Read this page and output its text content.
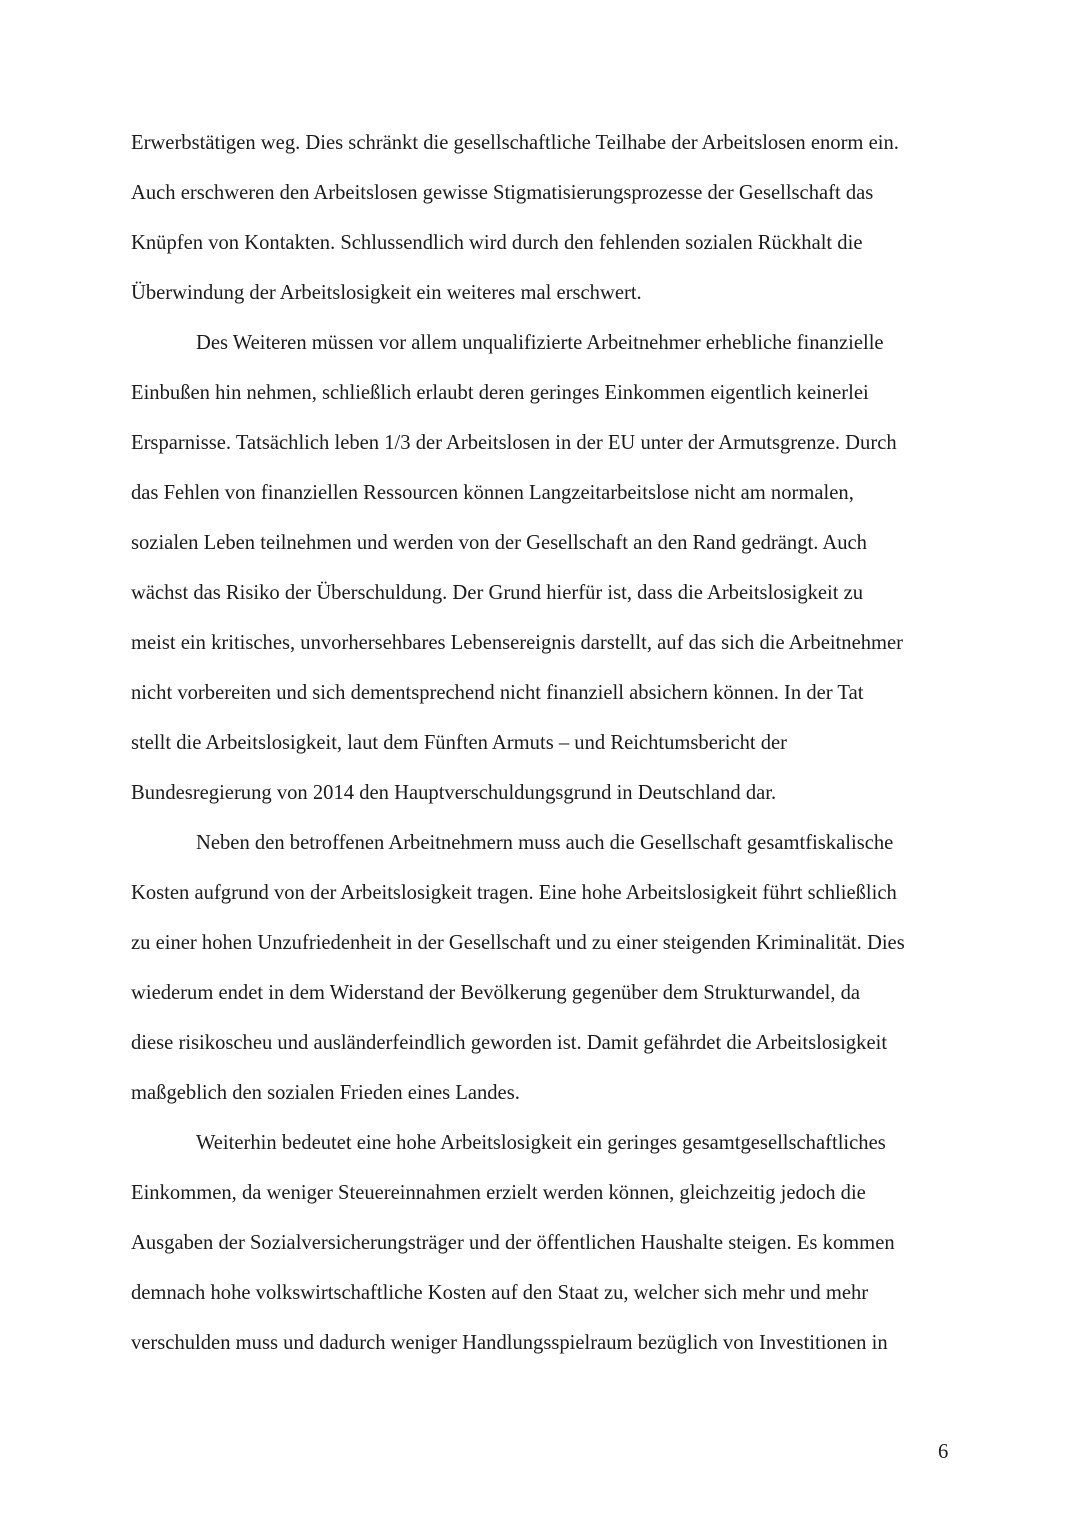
Erwerbstätigen weg. Dies schränkt die gesellschaftliche Teilhabe der Arbeitslosen enorm ein.
Auch erschweren den Arbeitslosen gewisse Stigmatisierungsprozesse der Gesellschaft das
Knüpfen von Kontakten. Schlussendlich wird durch den fehlenden sozialen Rückhalt die
Überwindung der Arbeitslosigkeit ein weiteres mal erschwert.
Des Weiteren müssen vor allem unqualifizierte Arbeitnehmer erhebliche finanzielle
Einbußen hin nehmen, schließlich erlaubt deren geringes Einkommen eigentlich keinerlei
Ersparnisse. Tatsächlich leben 1/3 der Arbeitslosen in der EU unter der Armutsgrenze. Durch
das Fehlen von finanziellen Ressourcen können Langzeitarbeitslose nicht am normalen,
sozialen Leben teilnehmen und werden von der Gesellschaft an den Rand gedrängt. Auch
wächst das Risiko der Überschuldung. Der Grund hierfür ist, dass die Arbeitslosigkeit zu
meist ein kritisches, unvorhersehbares Lebensereignis darstellt, auf das sich die Arbeitnehmer
nicht vorbereiten und sich dementsprechend nicht finanziell absichern können. In der Tat
stellt die Arbeitslosigkeit, laut dem Fünften Armuts – und Reichtumsbericht der
Bundesregierung von 2014 den Hauptverschuldungsgrund in Deutschland dar.
Neben den betroffenen Arbeitnehmern muss auch die Gesellschaft gesamtfiskalische
Kosten aufgrund von der Arbeitslosigkeit tragen. Eine hohe Arbeitslosigkeit führt schließlich
zu einer hohen Unzufriedenheit in der Gesellschaft und zu einer steigenden Kriminalität. Dies
wiederum endet in dem Widerstand der Bevölkerung gegenüber dem Strukturwandel, da
diese risikoscheu und ausländerfeindlich geworden ist. Damit gefährdet die Arbeitslosigkeit
maßgeblich den sozialen Frieden eines Landes.
Weiterhin bedeutet eine hohe Arbeitslosigkeit ein geringes gesamtgesellschaftliches
Einkommen, da weniger Steuereinnahmen erzielt werden können, gleichzeitig jedoch die
Ausgaben der Sozialversicherungsträger und der öffentlichen Haushalte steigen. Es kommen
demnach hohe volkswirtschaftliche Kosten auf den Staat zu, welcher sich mehr und mehr
verschulden muss und dadurch weniger Handlungsspielraum bezüglich von Investitionen in
6
